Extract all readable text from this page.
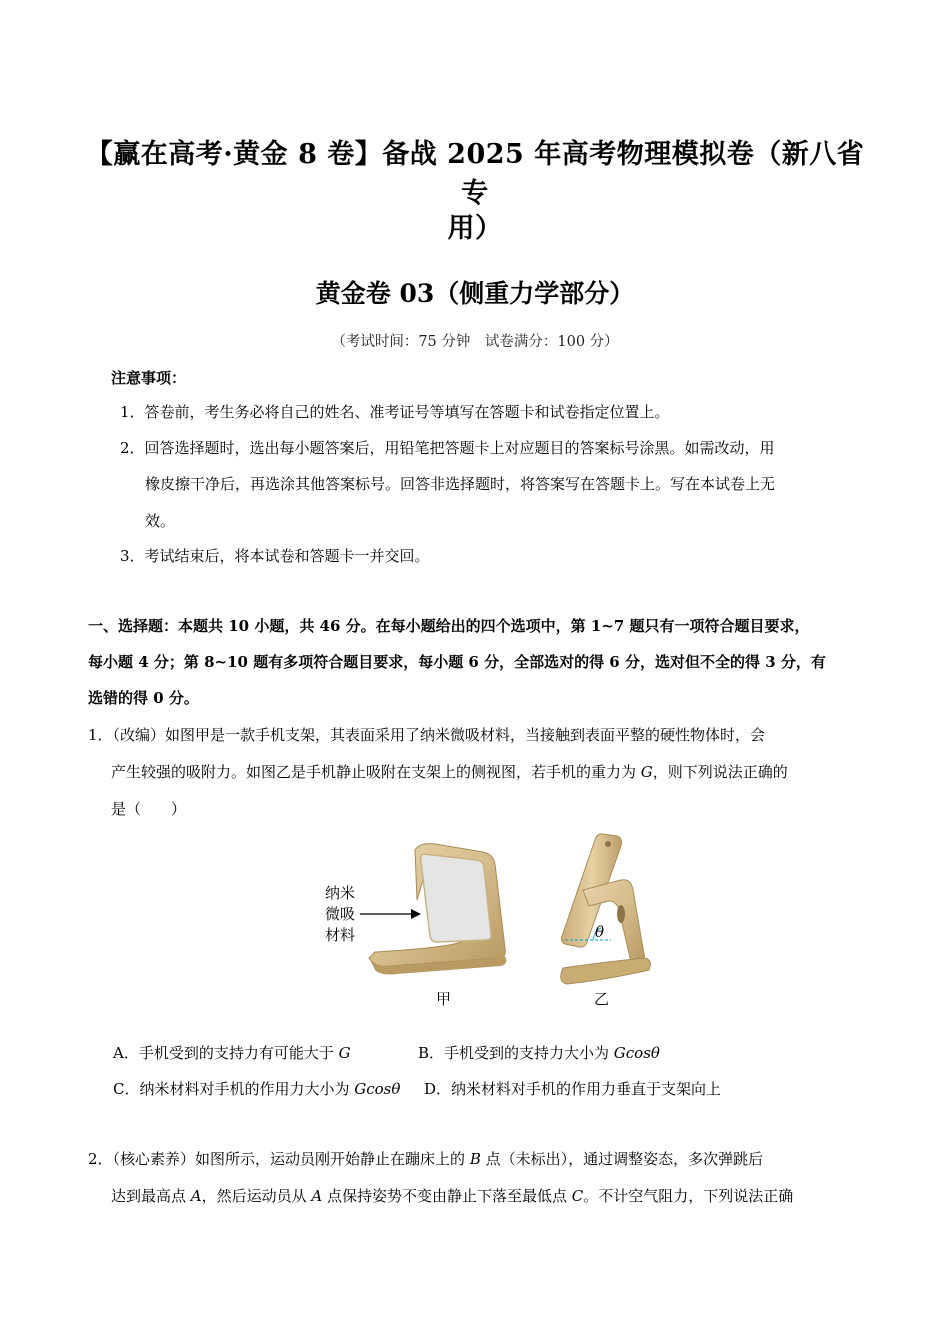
【赢在高考·黄金 8 卷】备战 2025 年高考物理模拟卷（新八省专
用）
黄金卷 03（侧重力学部分）
（考试时间：75 分钟　试卷满分：100 分）
注意事项：
1．答卷前，考生务必将自己的姓名、准考证号等填写在答题卡和试卷指定位置上。
2．回答选择题时，选出每小题答案后，用铅笔把答题卡上对应题目的答案标号涂黑。如需改动，用
橡皮擦干净后，再选涂其他答案标号。回答非选择题时，将答案写在答题卡上。写在本试卷上无
效。
3．考试结束后，将本试卷和答题卡一并交回。
一、选择题：本题共 10 小题，共 46 分。在每小题给出的四个选项中，第 1~7 题只有一项符合题目要求，
每小题 4 分；第 8~10 题有多项符合题目要求，每小题 6 分，全部选对的得 6 分，选对但不全的得 3 分，有
选错的得 0 分。
1．（改编）如图甲是一款手机支架，其表面采用了纳米微吸材料，当接触到表面平整的硬性物体时，会
产生较强的吸附力。如图乙是手机静止吸附在支架上的侧视图，若手机的重力为 G，则下列说法正确的
是（　　）
纳米
微吸
材料	θ
甲	乙
A．手机受到的支持力有可能大于 G	B．手机受到的支持力大小为 Gcosθ
C．纳米材料对手机的作用力大小为 Gcosθ D．纳米材料对手机的作用力垂直于支架向上
2．（核心素养）如图所示，运动员刚开始静止在蹦床上的 B 点（未标出），通过调整姿态，多次弹跳后
达到最高点 A，然后运动员从 A 点保持姿势不变由静止下落至最低点 C。不计空气阻力，下列说法正确
